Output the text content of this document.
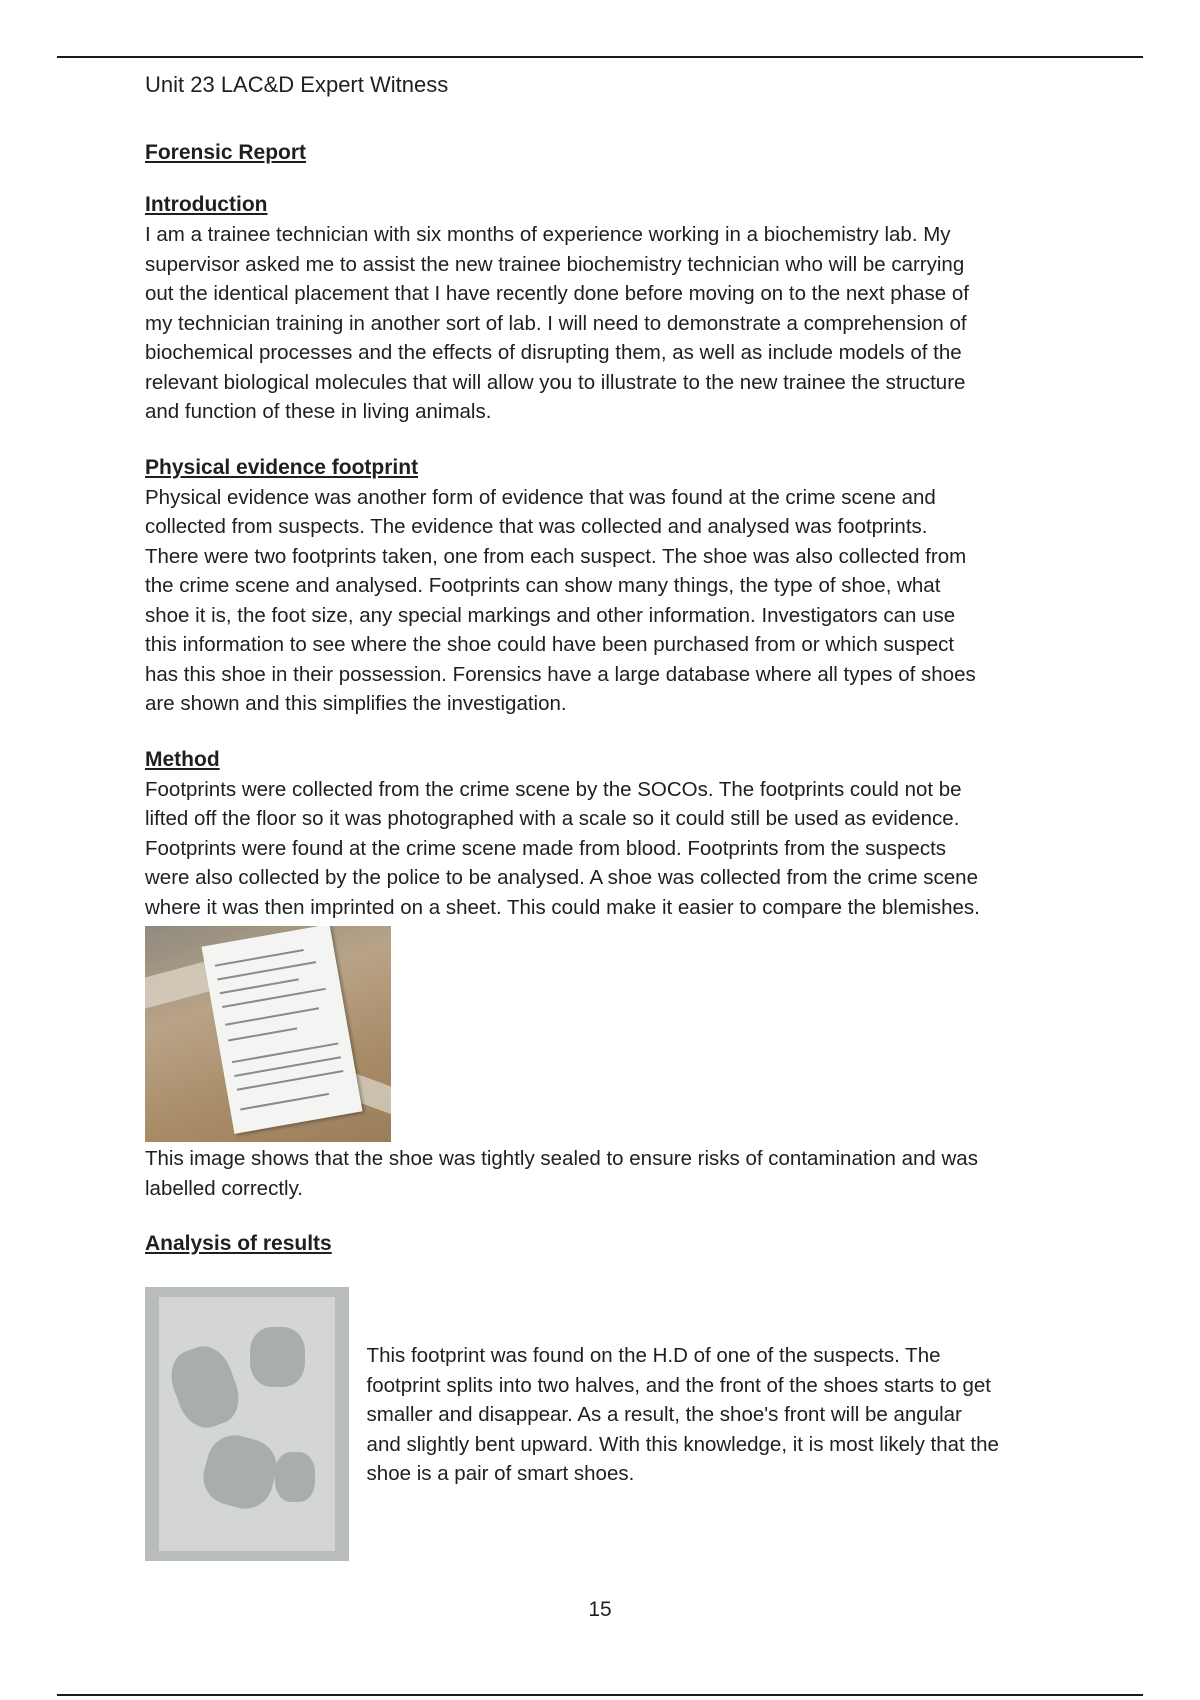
Unit 23 LAC&D Expert Witness

Forensic Report

Introduction

I am a trainee technician with six months of experience working in a biochemistry lab. My

supervisor asked me to assist the new trainee biochemistry technician who will be carrying

out the identical placement that I have recently done before moving on to the next phase of

my technician training in another sort of lab. I will need to demonstrate a comprehension of

biochemical processes and the effects of disrupting them, as well as include models of the

relevant biological molecules that will allow you to illustrate to the new trainee the structure

and function of these in living animals.

Physical evidence footprint

Physical evidence was another form of evidence that was found at the crime scene and

collected from suspects. The evidence that was collected and analysed was footprints.

There were two footprints taken, one from each suspect. The shoe was also collected from

the crime scene and analysed. Footprints can show many things, the type of shoe, what

shoe it is, the foot size, any special markings and other information. Investigators can use

this information to see where the shoe could have been purchased from or which suspect

has this shoe in their possession. Forensics have a large database where all types of shoes

are shown and this simplifies the investigation.

Method

Footprints were collected from the crime scene by the SOCOs. The footprints could not be

lifted off the floor so it was photographed with a scale so it could still be used as evidence.

Footprints were found at the crime scene made from blood. Footprints from the suspects

were also collected by the police to be analysed. A shoe was collected from the crime scene

where it was then imprinted on a sheet. This could make it easier to compare the blemishes.

This image shows that the shoe was tightly sealed to ensure risks of contamination and was

labelled correctly.

Analysis of results

This footprint was found on the H.D of one of the suspects. The

footprint splits into two halves, and the front of the shoes starts to get

smaller and disappear. As a result, the shoe's front will be angular

and slightly bent upward. With this knowledge, it is most likely that the

shoe is a pair of smart shoes.

15
